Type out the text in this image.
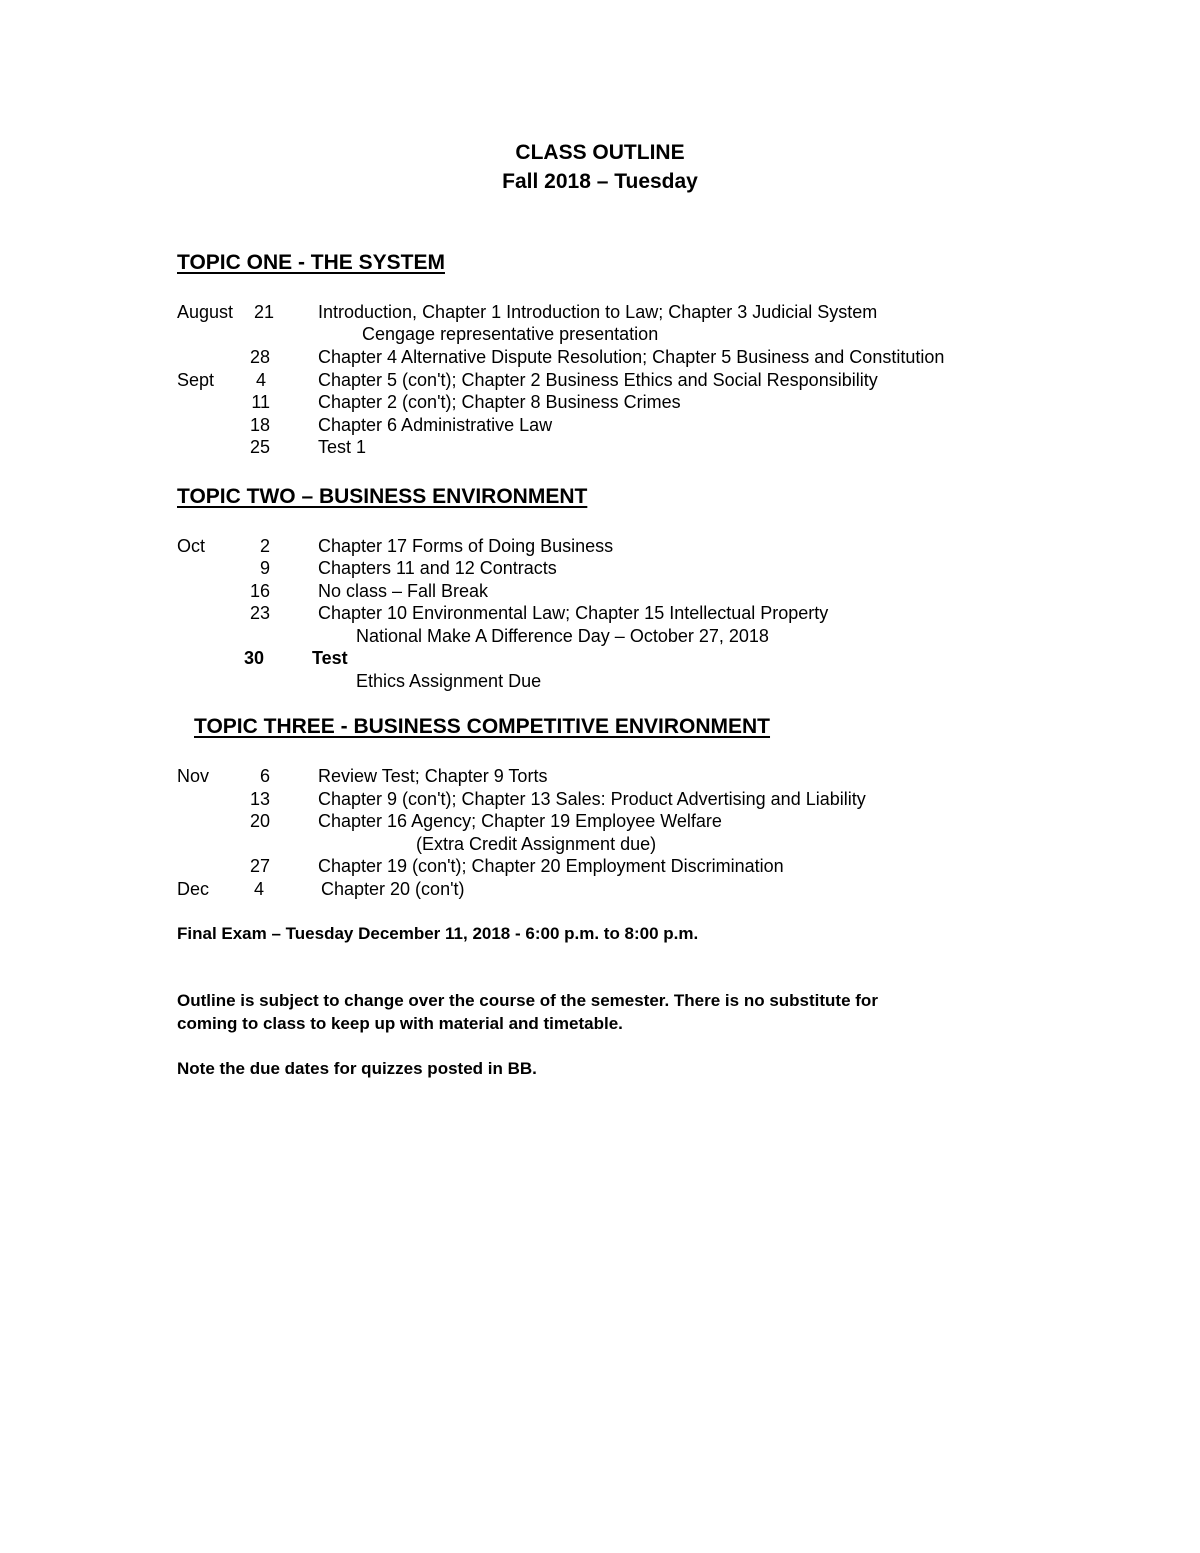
CLASS OUTLINE
Fall 2018 – Tuesday
TOPIC ONE - THE SYSTEM
August	21 Introduction, Chapter 1 Introduction to Law; Chapter 3 Judicial System
Cengage representative presentation
28	Chapter 4 Alternative Dispute Resolution; Chapter 5 Business and Constitution
Sept	4	Chapter 5 (con't); Chapter 2 Business Ethics and Social Responsibility
11	Chapter 2 (con't); Chapter 8 Business Crimes
18	Chapter 6 Administrative Law
25	Test 1
TOPIC TWO – BUSINESS ENVIRONMENT
Oct	2	Chapter 17 Forms of Doing Business
9	Chapters 11 and 12 Contracts
16	No class – Fall Break
23	Chapter 10 Environmental Law; Chapter 15 Intellectual Property
National Make A Difference Day – October 27, 2018
30	Test
Ethics Assignment Due
TOPIC THREE - BUSINESS COMPETITIVE ENVIRONMENT
Nov	6	Review Test; Chapter 9 Torts
13	Chapter 9 (con't); Chapter 13 Sales: Product Advertising and Liability
20	Chapter 16 Agency; Chapter 19 Employee Welfare
(Extra Credit Assignment due)
27	Chapter 19 (con't); Chapter 20 Employment Discrimination
Dec	4	Chapter 20 (con't)
Final Exam – Tuesday December 11, 2018 - 6:00 p.m. to 8:00 p.m.
Outline is subject to change over the course of the semester. There is no substitute for
coming to class to keep up with material and timetable.
Note the due dates for quizzes posted in BB.
